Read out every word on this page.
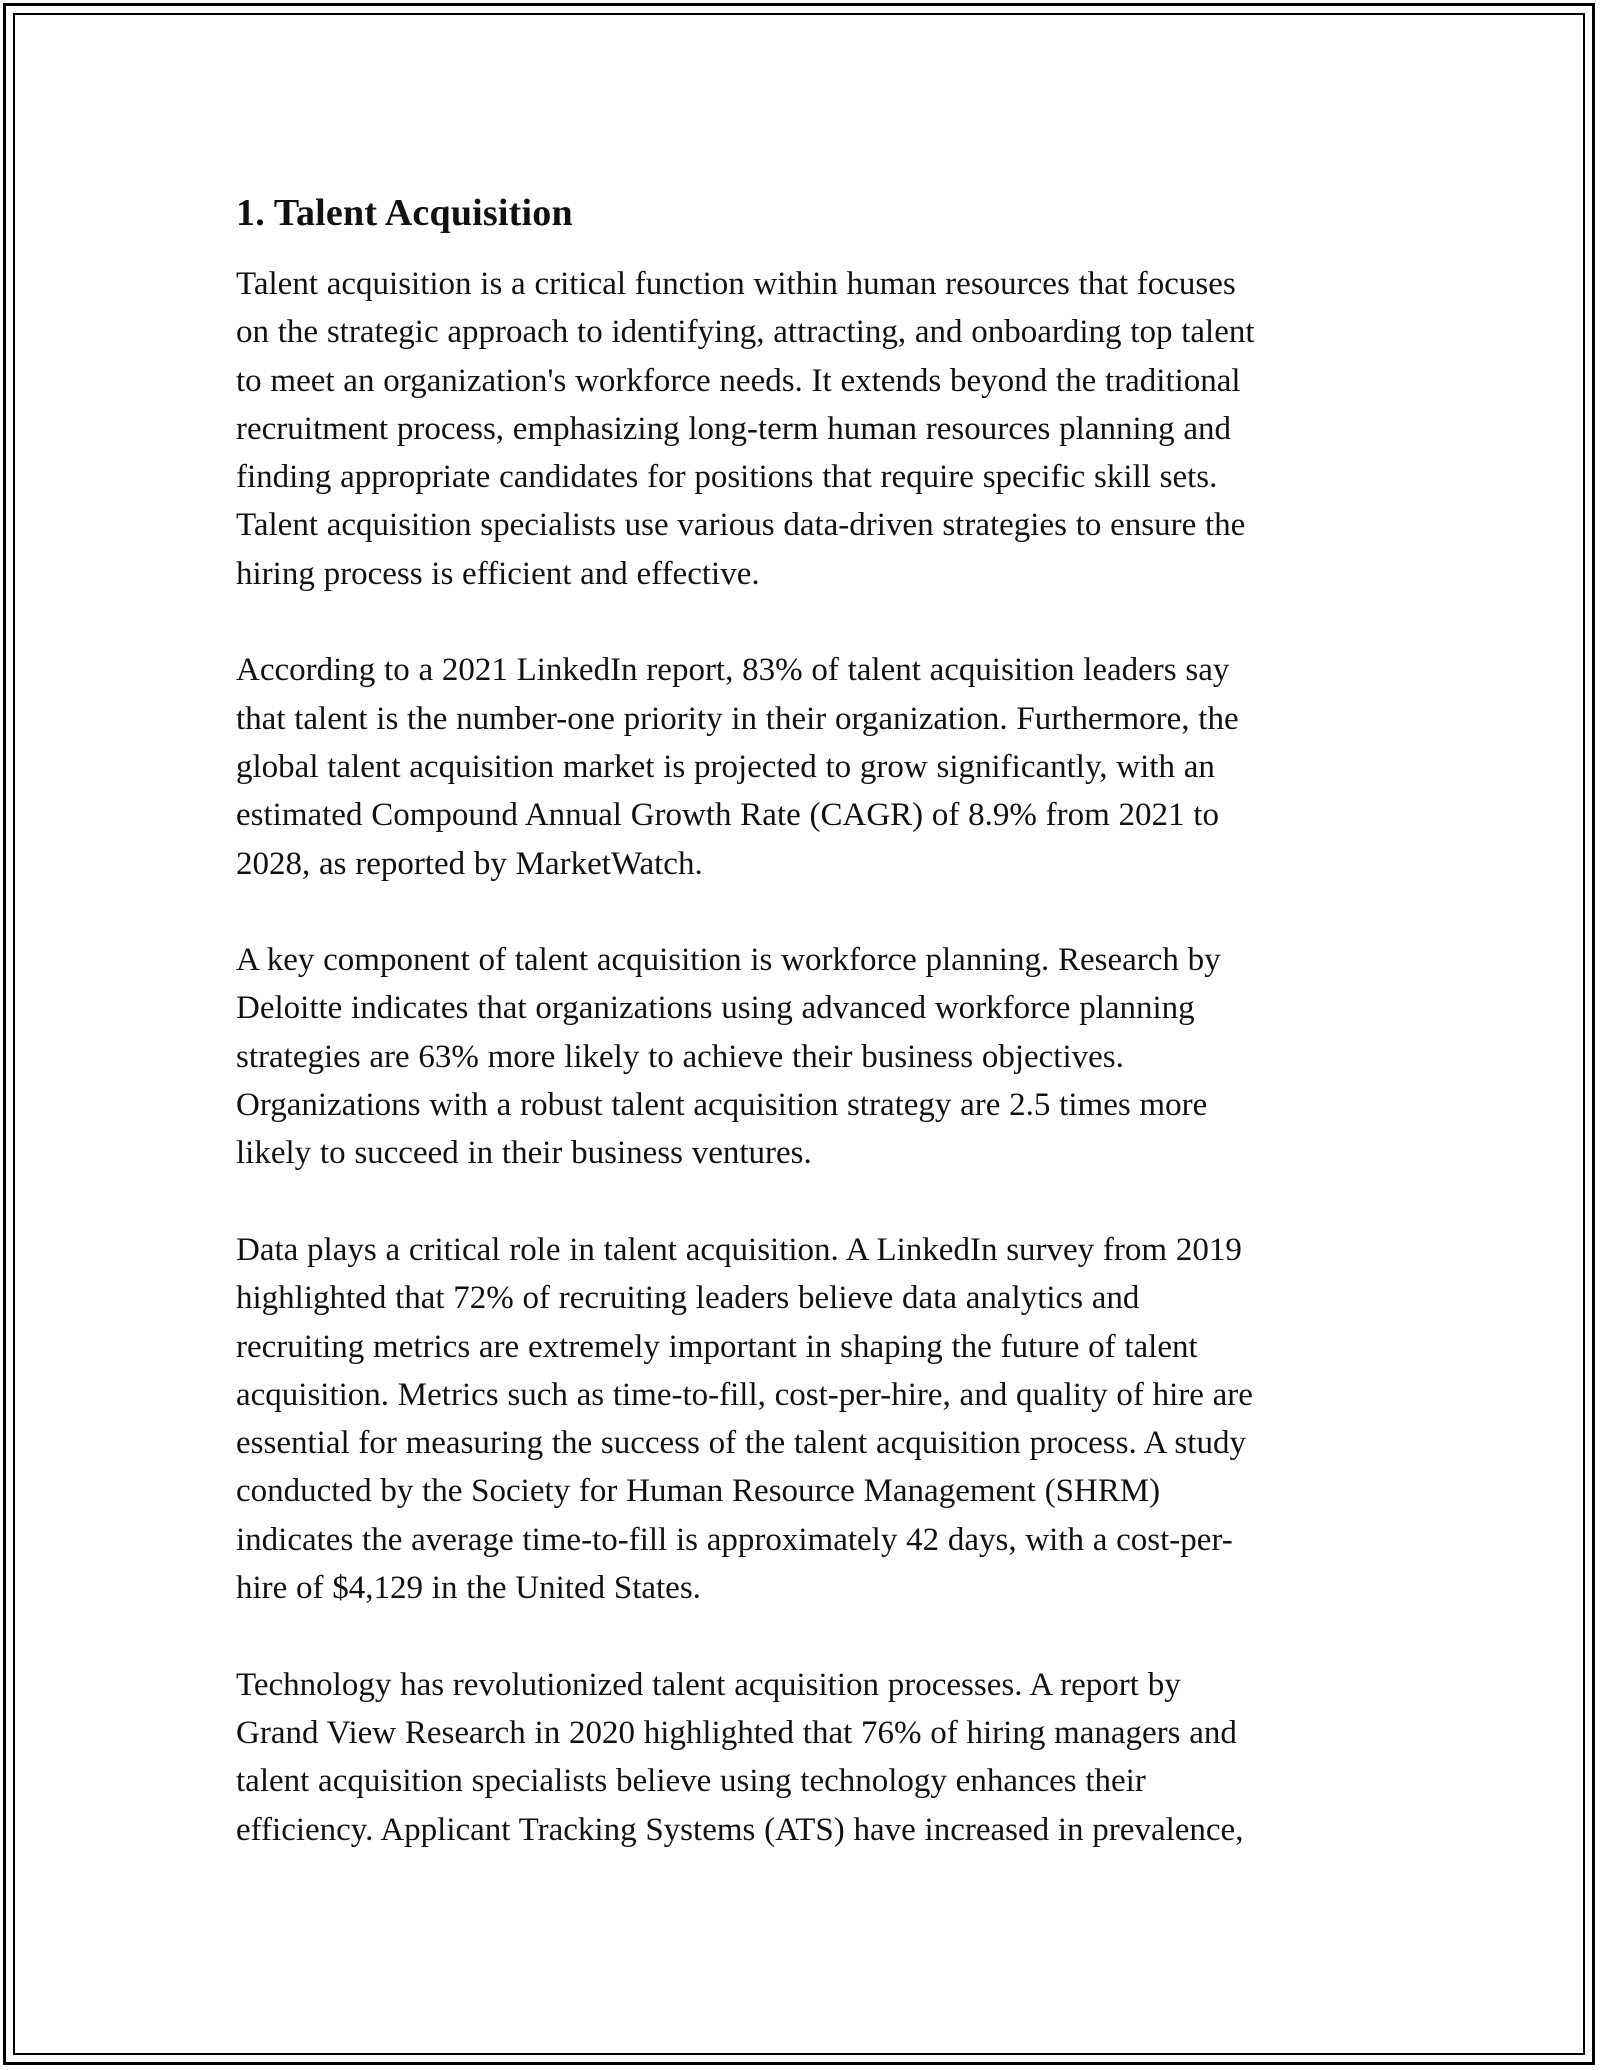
1. Talent Acquisition

Talent acquisition is a critical function within human resources that focuses
on the strategic approach to identifying, attracting, and onboarding top talent
to meet an organization's workforce needs. It extends beyond the traditional
recruitment process, emphasizing long-term human resources planning and
finding appropriate candidates for positions that require specific skill sets.
Talent acquisition specialists use various data-driven strategies to ensure the
hiring process is efficient and effective.

According to a 2021 LinkedIn report, 83% of talent acquisition leaders say
that talent is the number-one priority in their organization. Furthermore, the
global talent acquisition market is projected to grow significantly, with an
estimated Compound Annual Growth Rate (CAGR) of 8.9% from 2021 to
2028, as reported by MarketWatch.

A key component of talent acquisition is workforce planning. Research by
Deloitte indicates that organizations using advanced workforce planning
strategies are 63% more likely to achieve their business objectives.
Organizations with a robust talent acquisition strategy are 2.5 times more
likely to succeed in their business ventures.

Data plays a critical role in talent acquisition. A LinkedIn survey from 2019
highlighted that 72% of recruiting leaders believe data analytics and
recruiting metrics are extremely important in shaping the future of talent
acquisition. Metrics such as time-to-fill, cost-per-hire, and quality of hire are
essential for measuring the success of the talent acquisition process. A study
conducted by the Society for Human Resource Management (SHRM)
indicates the average time-to-fill is approximately 42 days, with a cost-per-
hire of $4,129 in the United States.

Technology has revolutionized talent acquisition processes. A report by
Grand View Research in 2020 highlighted that 76% of hiring managers and
talent acquisition specialists believe using technology enhances their
efficiency. Applicant Tracking Systems (ATS) have increased in prevalence,
